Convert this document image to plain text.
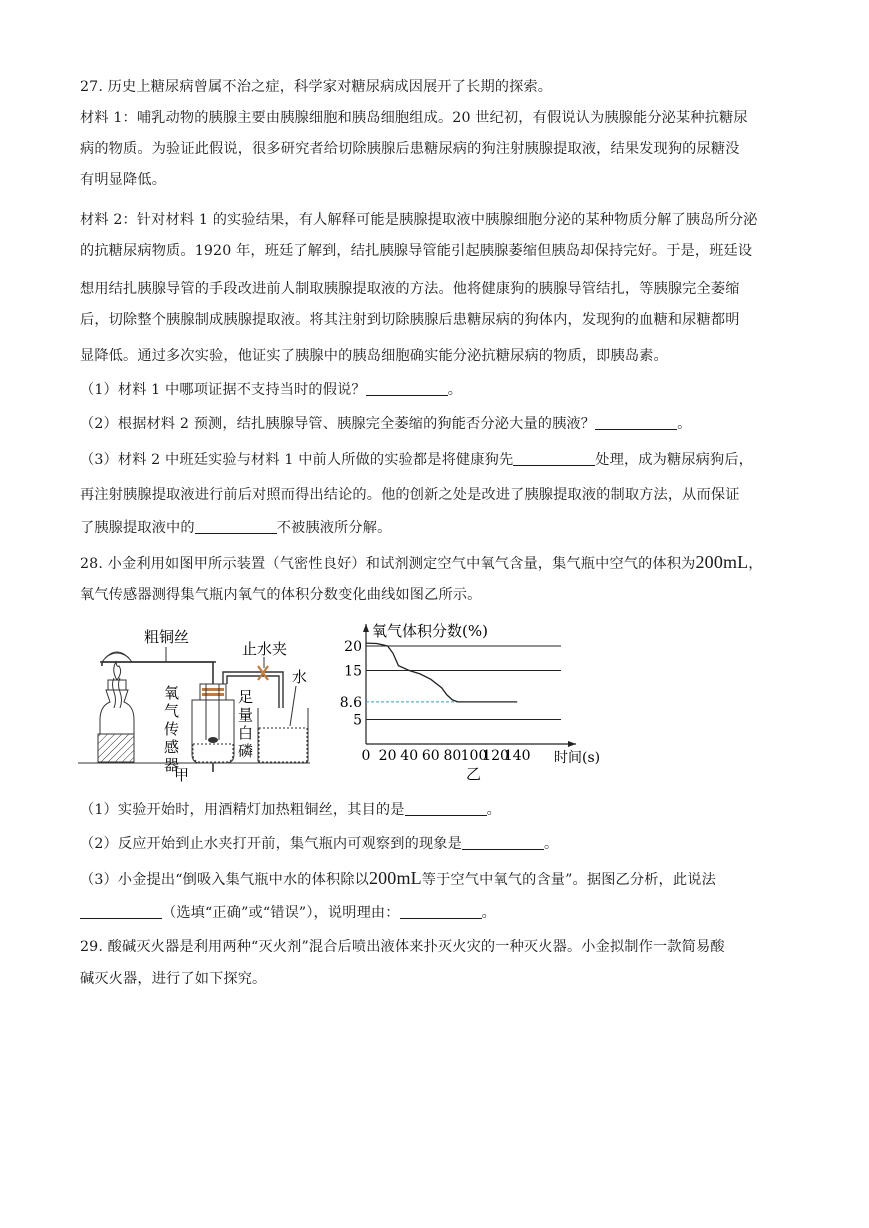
27. 历史上糖尿病曾属不治之症，科学家对糖尿病成因展开了长期的探索。
材料 1：哺乳动物的胰腺主要由胰腺细胞和胰岛细胞组成。20 世纪初，有假说认为胰腺能分泌某种抗糖尿
病的物质。为验证此假说，很多研究者给切除胰腺后患糖尿病的狗注射胰腺提取液，结果发现狗的尿糖没
有明显降低。
材料 2：针对材料 1 的实验结果，有人解释可能是胰腺提取液中胰腺细胞分泌的某种物质分解了胰岛所分泌
的抗糖尿病物质。1920 年，班廷了解到，结扎胰腺导管能引起胰腺萎缩但胰岛却保持完好。于是，班廷设
想用结扎胰腺导管的手段改进前人制取胰腺提取液的方法。他将健康狗的胰腺导管结扎，等胰腺完全萎缩
后，切除整个胰腺制成胰腺提取液。将其注射到切除胰腺后患糖尿病的狗体内，发现狗的血糖和尿糖都明
显降低。通过多次实验，他证实了胰腺中的胰岛细胞确实能分泌抗糖尿病的物质，即胰岛素。
（1）材料 1 中哪项证据不支持当时的假说？	。
（2）根据材料 2 预测，结扎胰腺导管、胰腺完全萎缩的狗能否分泌大量的胰液？	。
（3）材料 2 中班廷实验与材料 1 中前人所做的实验都是将健康狗先	处理，成为糖尿病狗后，
再注射胰腺提取液进行前后对照而得出结论的。他的创新之处是改进了胰腺提取液的制取方法，从而保证
了胰腺提取液中的	不被胰液所分解。
28. 小金利用如图甲所示装置（气密性良好）和试剂测定空气中氧气含量，集气瓶中空气的体积为200mL，
氧气传感器测得集气瓶内氧气的体积分数变化曲线如图乙所示。
粗铜丝
止水夹
水
氧
气
传
感
器
足
量
白
磷
甲
5
8.6
15
20
0 20 40 60 80 100
120
140
氧气体积分数(%)
时间(s)
乙
（1）实验开始时，用酒精灯加热粗铜丝，其目的是	。
（2）反应开始到止水夹打开前，集气瓶内可观察到的现象是	。
（3）小金提出“倒吸入集气瓶中水的体积除以200mL等于空气中氧气的含量”。据图乙分析，此说法
（选填“正确”或“错误”），说明理由：	。
29. 酸碱灭火器是利用两种“灭火剂”混合后喷出液体来扑灭火灾的一种灭火器。小金拟制作一款简易酸
碱灭火器，进行了如下探究。
